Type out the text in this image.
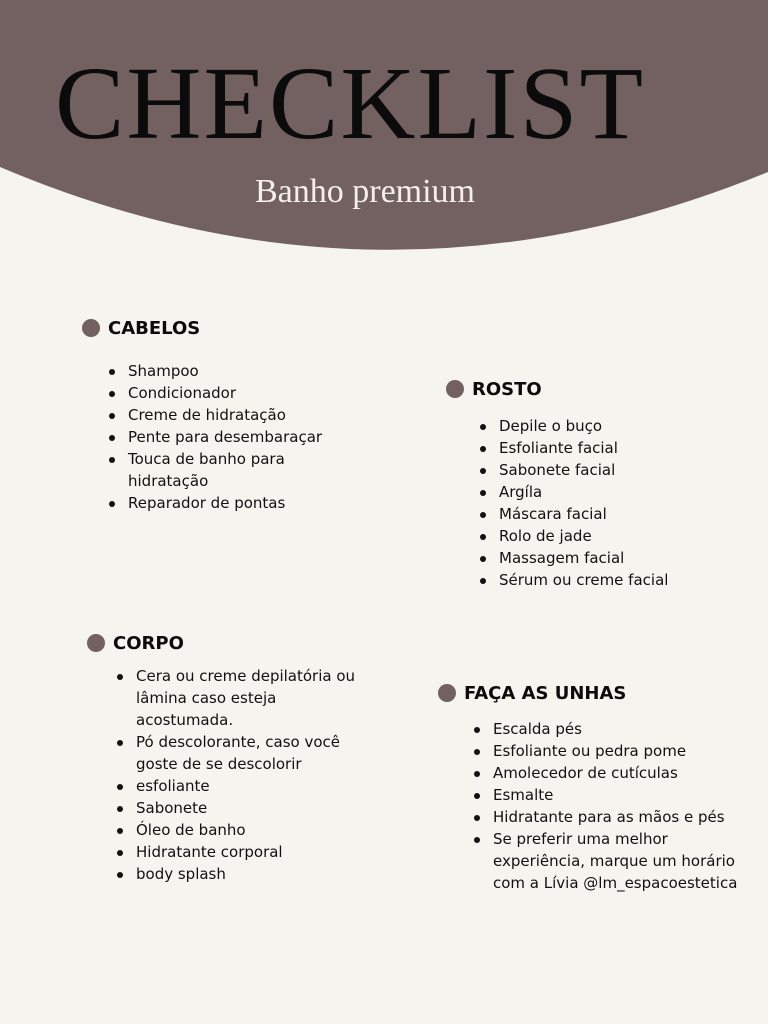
CHECKLIST
Banho premium
CABELOS
Shampoo
Condicionador
Creme de hidratação
Pente para desembaraçar
Touca de banho para hidratação
Reparador de pontas
ROSTO
Depile o buço
Esfoliante facial
Sabonete facial
Argíla
Máscara facial
Rolo de jade
Massagem facial
Sérum ou creme facial
CORPO
Cera ou creme depilatória ou lâmina caso esteja acostumada.
Pó descolorante, caso você goste de se descolorir
esfoliante
Sabonete
Óleo de banho
Hidratante corporal
body splash
FAÇA AS UNHAS
Escalda pés
Esfoliante ou pedra pome
Amolecedor de cutículas
Esmalte
Hidratante para as mãos e pés
Se preferir uma melhor experiência, marque um horário com a Lívia @lm_espacoestetica
